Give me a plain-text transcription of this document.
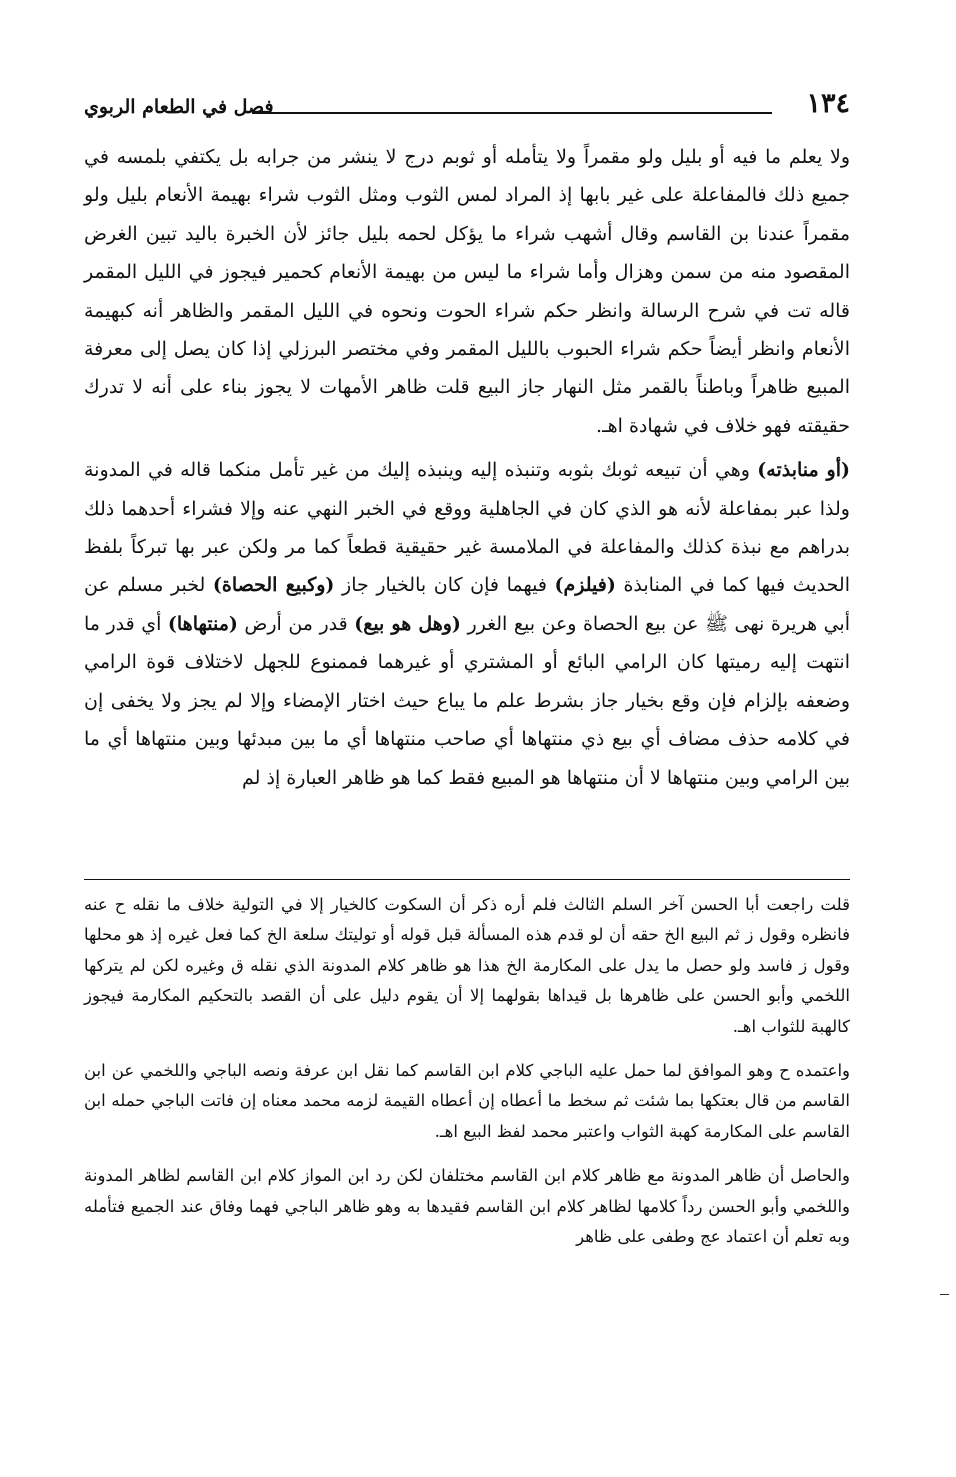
١٣٤
فصل في الطعام الربوي

ولا يعلم ما فيه أو بليل ولو مقمراً ولا يتأمله أو ثوبم درج لا ينشر من جرابه بل يكتفي بلمسه في جميع ذلك فالمفاعلة على غير بابها إذ المراد لمس الثوب ومثل الثوب شراء بهيمة الأنعام بليل ولو مقمراً عندنا بن القاسم وقال أشهب شراء ما يؤكل لحمه بليل جائز لأن الخبرة باليد تبين الغرض المقصود منه من سمن وهزال وأما شراء ما ليس من بهيمة الأنعام كحمير فيجوز في الليل المقمر قاله تت في شرح الرسالة وانظر حكم شراء الحوت ونحوه في الليل المقمر والظاهر أنه كبهيمة الأنعام وانظر أيضاً حكم شراء الحبوب بالليل المقمر وفي مختصر البرزلي إذا كان يصل إلى معرفة المبيع ظاهراً وباطناً بالقمر مثل النهار جاز البيع قلت ظاهر الأمهات لا يجوز بناء على أنه لا تدرك حقيقته فهو خلاف في شهادة اهـ.

(أو منابذته) وهي أن تبيعه ثوبك بثوبه وتنبذه إليه وينبذه إليك من غير تأمل منكما قاله في المدونة ولذا عبر بمفاعلة لأنه هو الذي كان في الجاهلية ووقع في الخبر النهي عنه وإلا فشراء أحدهما ذلك بدراهم مع نبذة كذلك والمفاعلة في الملامسة غير حقيقية قطعاً كما مر ولكن عبر بها تبركاً بلفظ الحديث فيها كما في المنابذة (فيلزم) فيهما فإن كان بالخيار جاز (وكبيع الحصاة) لخبر مسلم عن أبي هريرة نهى ﷺ عن بيع الحصاة وعن بيع الغرر (وهل هو بيع) قدر من أرض (منتهاها) أي قدر ما انتهت إليه رميتها كان الرامي البائع أو المشتري أو غيرهما فممنوع للجهل لاختلاف قوة الرامي وضعفه بإلزام فإن وقع بخيار جاز بشرط علم ما يباع حيث اختار الإمضاء وإلا لم يجز ولا يخفى إن في كلامه حذف مضاف أي بيع ذي منتهاها أي صاحب منتهاها أي ما بين مبدئها وبين منتهاها أي ما بين الرامي وبين منتهاها لا أن منتهاها هو المبيع فقط كما هو ظاهر العبارة إذ لم

قلت راجعت أبا الحسن آخر السلم الثالث فلم أره ذكر أن السكوت كالخيار إلا في التولية خلاف ما نقله ح عنه فانظره وقول ز ثم البيع الخ حقه أن لو قدم هذه المسألة قبل قوله أو توليتك سلعة الخ كما فعل غيره إذ هو محلها وقول ز فاسد ولو حصل ما يدل على المكارمة الخ هذا هو ظاهر كلام المدونة الذي نقله ق وغيره لكن لم يتركها اللخمي وأبو الحسن على ظاهرها بل قيداها بقولهما إلا أن يقوم دليل على أن القصد بالتحكيم المكارمة فيجوز كالهبة للثواب اهـ.

واعتمده ح وهو الموافق لما حمل عليه الباجي كلام ابن القاسم كما نقل ابن عرفة ونصه الباجي واللخمي عن ابن القاسم من قال بعتكها بما شئت ثم سخط ما أعطاه إن أعطاه القيمة لزمه محمد معناه إن فاتت الباجي حمله ابن القاسم على المكارمة كهبة الثواب واعتبر محمد لفظ البيع اهـ.

والحاصل أن ظاهر المدونة مع ظاهر كلام ابن القاسم مختلفان لكن رد ابن المواز كلام ابن القاسم لظاهر المدونة واللخمي وأبو الحسن رداً كلامها لظاهر كلام ابن القاسم فقيدها به وهو ظاهر الباجي فهما وفاق عند الجميع فتأمله وبه تعلم أن اعتماد عج وطفى على ظاهر
